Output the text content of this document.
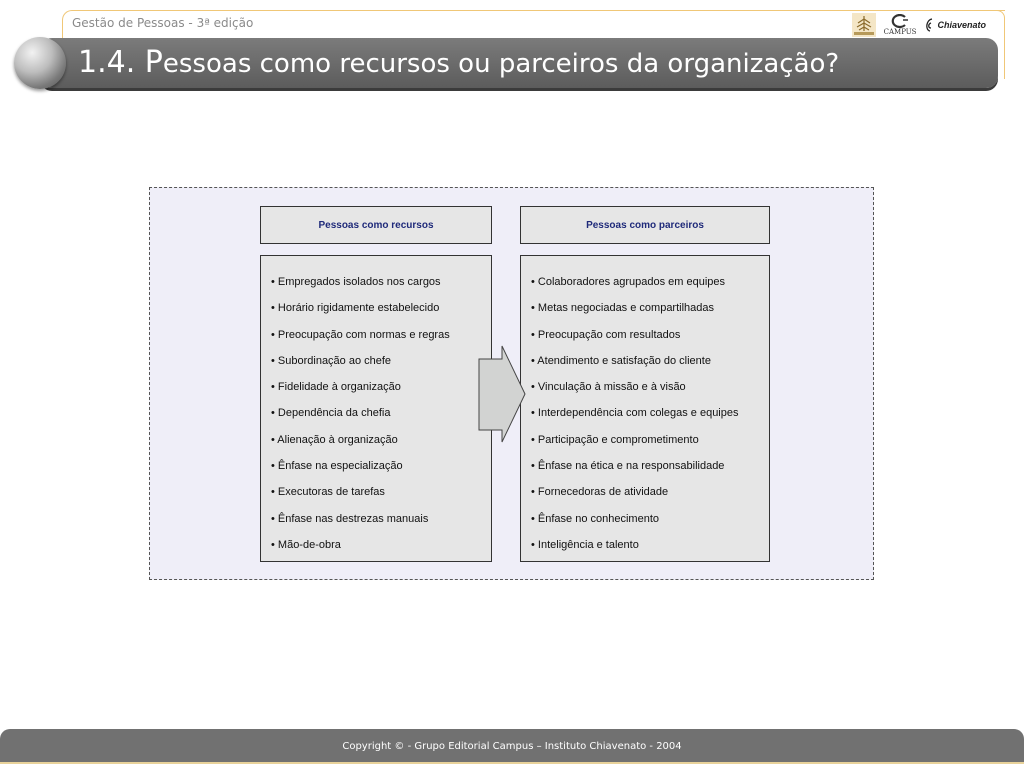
Gestão de Pessoas - 3ª edição
CAMPUS
Chiavenato
1.4. Pessoas como recursos ou parceiros da organização?
Pessoas como recursos	Pessoas como parceiros
• Empregados isolados nos cargos
• Horário rigidamente estabelecido
• Preocupação com normas e regras
• Subordinação ao chefe
• Fidelidade à organização
• Dependência da chefia
• Alienação à organização
• Ênfase na especialização
• Executoras de tarefas
• Ênfase nas destrezas manuais
• Mão-de-obra
• Colaboradores agrupados em equipes
• Metas negociadas e compartilhadas
• Preocupação com resultados
• Atendimento e satisfação do cliente
• Vinculação à missão e à visão
• Interdependência com colegas e equipes
• Participação e comprometimento
• Ênfase na ética e na responsabilidade
• Fornecedoras de atividade
• Ênfase no conhecimento
• Inteligência e talento
Copyright © - Grupo Editorial Campus – Instituto Chiavenato - 2004
